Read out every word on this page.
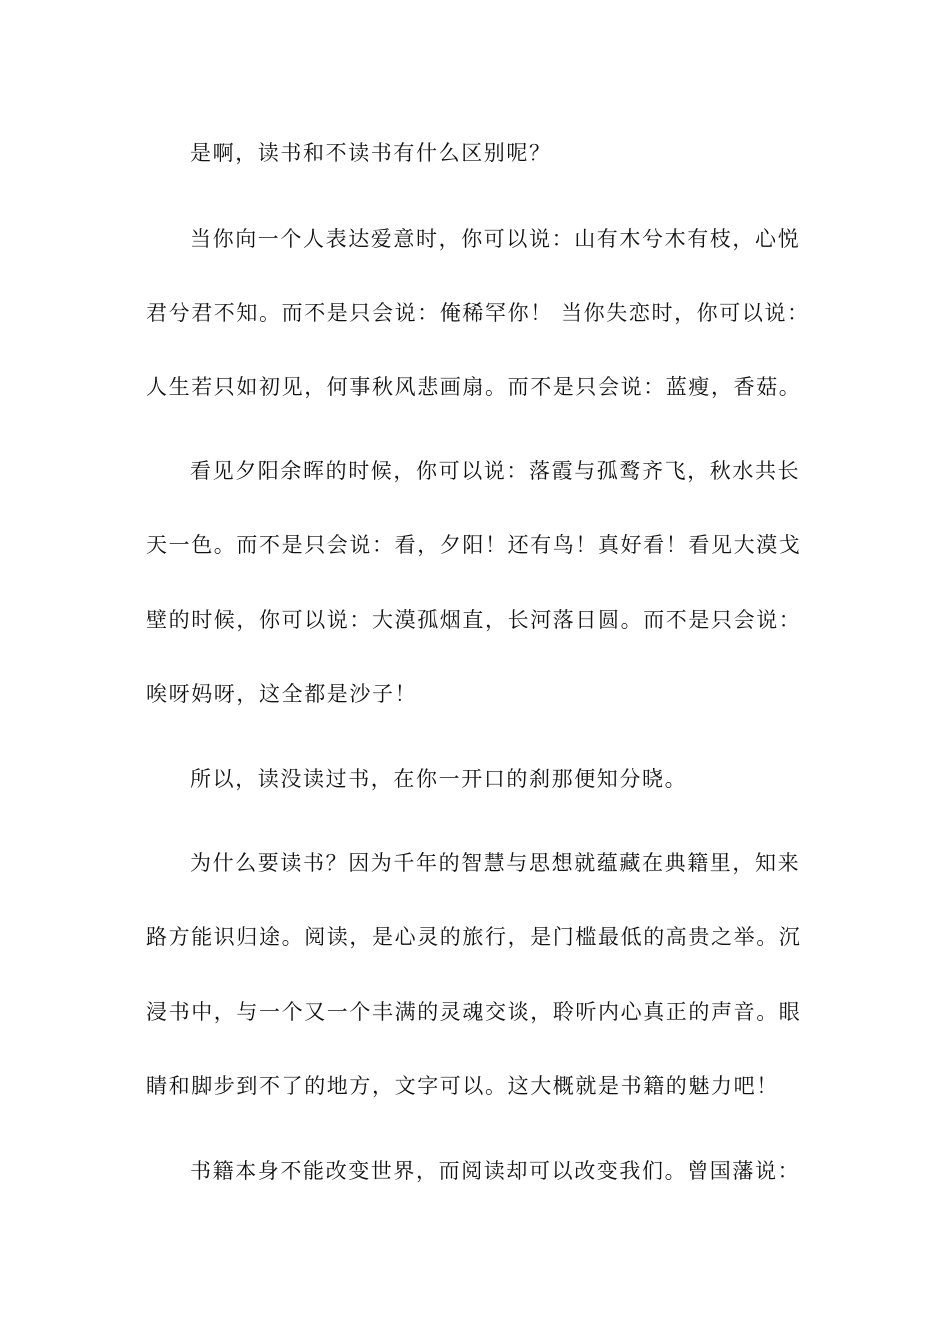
是啊，读书和不读书有什么区别呢？

当你向一个人表达爱意时，你可以说：山有木兮木有枝，心悦

君兮君不知。而不是只会说：俺稀罕你！ 当你失恋时，你可以说：

人生若只如初见，何事秋风悲画扇。而不是只会说：蓝瘦，香菇。

看见夕阳余晖的时候，你可以说：落霞与孤鹜齐飞，秋水共长

天一色。而不是只会说：看，夕阳！还有鸟！真好看！看见大漠戈

壁的时候，你可以说：大漠孤烟直，长河落日圆。而不是只会说：

唉呀妈呀，这全都是沙子！

所以，读没读过书，在你一开口的刹那便知分晓。

为什么要读书？因为千年的智慧与思想就蕴藏在典籍里，知来

路方能识归途。阅读，是心灵的旅行，是门槛最低的高贵之举。沉

浸书中，与一个又一个丰满的灵魂交谈，聆听内心真正的声音。眼

睛和脚步到不了的地方，文字可以。这大概就是书籍的魅力吧！

书籍本身不能改变世界，而阅读却可以改变我们。曾国藩说：
